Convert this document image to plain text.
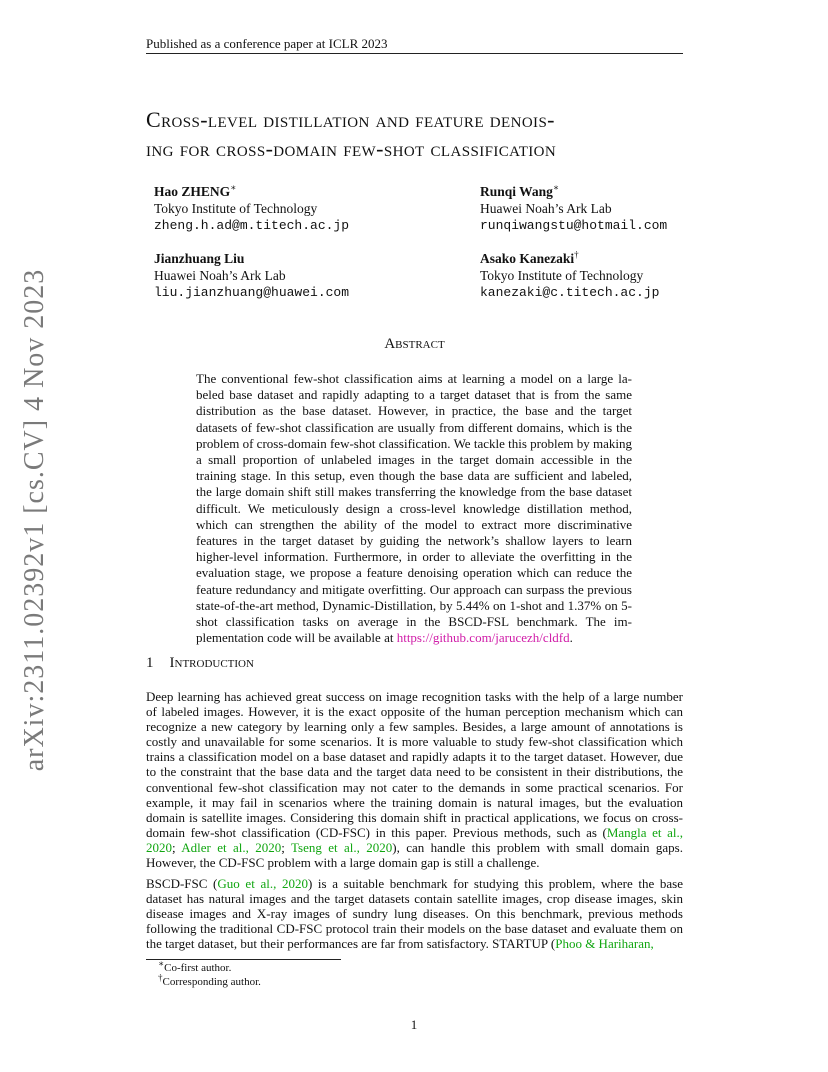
Published as a conference paper at ICLR 2023
arXiv:2311.02392v1 [cs.CV] 4 Nov 2023
Cross-level distillation and feature denois-
ing for cross-domain few-shot classification
Hao ZHENG∗
Tokyo Institute of Technology
zheng.h.ad@m.titech.ac.jp
Runqi Wang∗
Huawei Noah’s Ark Lab
runqiwangstu@hotmail.com
Jianzhuang Liu
Huawei Noah’s Ark Lab
liu.jianzhuang@huawei.com
Asako Kanezaki†
Tokyo Institute of Technology
kanezaki@c.titech.ac.jp
Abstract
The conventional few-shot classification aims at learning a model on a large labeled base dataset and rapidly adapting to a target dataset that is from the same distribution as the base dataset. However, in practice, the base and the target datasets of few-shot classification are usually from different domains, which is the problem of cross-domain few-shot classification. We tackle this problem by making a small proportion of unlabeled images in the target domain accessible in the training stage. In this setup, even though the base data are sufficient and labeled, the large domain shift still makes transferring the knowledge from the base dataset difficult. We meticulously design a cross-level knowledge distillation method, which can strengthen the ability of the model to extract more discriminative features in the target dataset by guiding the network’s shallow layers to learn higher-level information. Furthermore, in order to alleviate the overfitting in the evaluation stage, we propose a feature denoising operation which can reduce the feature redundancy and mitigate overfitting. Our approach can surpass the previous state-of-the-art method, Dynamic-Distillation, by 5.44% on 1-shot and 1.37% on 5-shot classification tasks on average in the BSCD-FSL benchmark. The implementation code will be available at https://github.com/jarucezh/cldfd.
1 Introduction
Deep learning has achieved great success on image recognition tasks with the help of a large number of labeled images. However, it is the exact opposite of the human perception mechanism which can recognize a new category by learning only a few samples. Besides, a large amount of annotations is costly and unavailable for some scenarios. It is more valuable to study few-shot classification which trains a classification model on a base dataset and rapidly adapts it to the target dataset. However, due to the constraint that the base data and the target data need to be consistent in their distributions, the conventional few-shot classification may not cater to the demands in some practical scenarios. For example, it may fail in scenarios where the training domain is natural images, but the evaluation domain is satellite images. Considering this domain shift in practical applications, we focus on cross-domain few-shot classification (CD-FSC) in this paper. Previous methods, such as (Mangla et al., 2020; Adler et al., 2020; Tseng et al., 2020), can handle this problem with small domain gaps. However, the CD-FSC problem with a large domain gap is still a challenge.
BSCD-FSC (Guo et al., 2020) is a suitable benchmark for studying this problem, where the base dataset has natural images and the target datasets contain satellite images, crop disease images, skin disease images and X-ray images of sundry lung diseases. On this benchmark, previous methods following the traditional CD-FSC protocol train their models on the base dataset and evaluate them on the target dataset, but their performances are far from satisfactory. STARTUP (Phoo & Hariharan,
∗Co-first author.
†Corresponding author.
1
